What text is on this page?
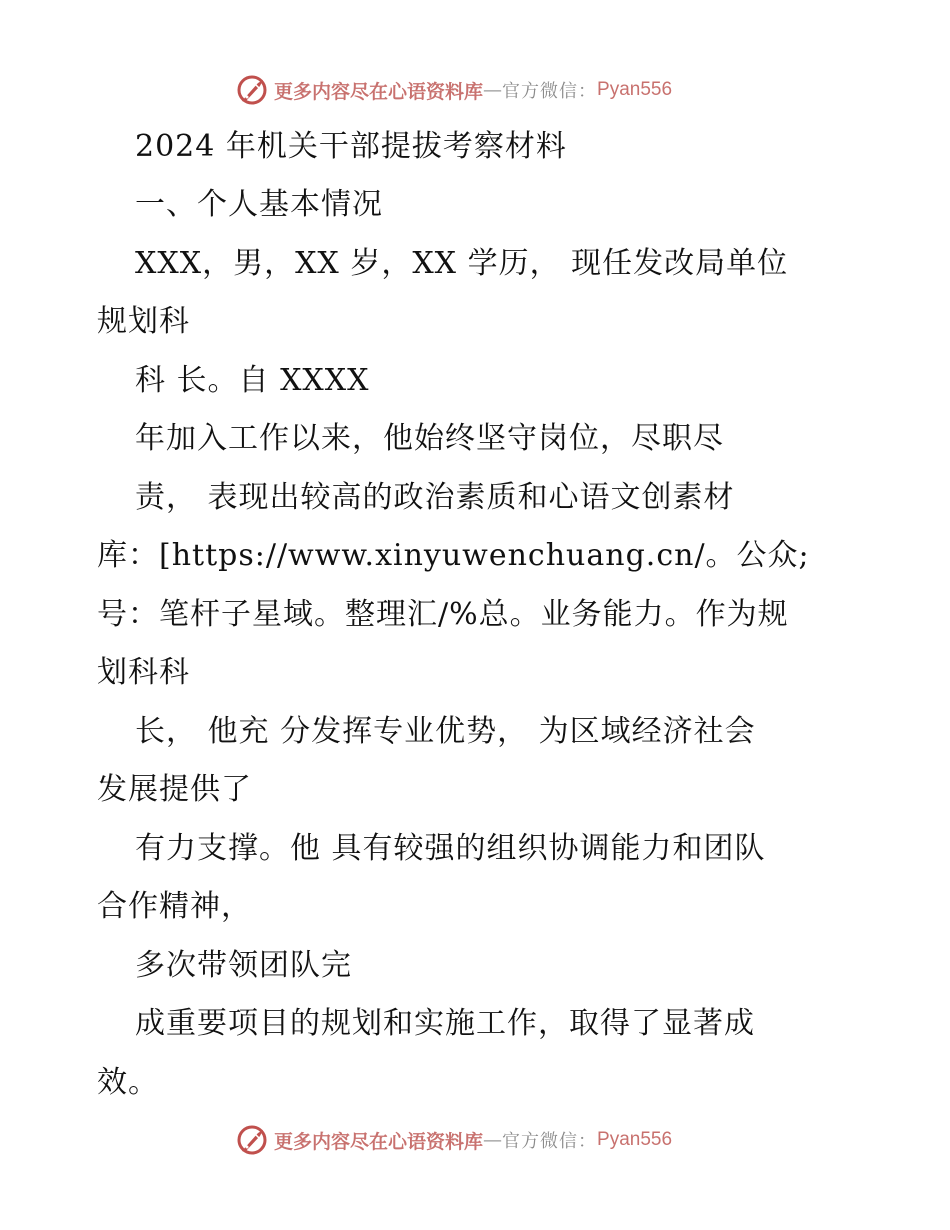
更多内容尽在心语资料库 — 官方微信： Pyan556
2024 年机关干部提拔考察材料
一、个人基本情况
XXX，男，XX 岁，XX 学历， 现任发改局单位
规划科
科 长。自 XXXX
年加入工作以来，他始终坚守岗位，尽职尽
责， 表现出较高的政治素质和心语文创素材
库：[https://www.xinyuwenchuang.cn/。公众;
号：笔杆子星域。整理汇/%总。业务能力。作为规
划科科
长， 他充 分发挥专业优势， 为区域经济社会
发展提供了
有力支撑。他 具有较强的组织协调能力和团队
合作精神，
多次带领团队完
成重要项目的规划和实施工作，取得了显著成
效。
更多内容尽在心语资料库 — 官方微信： Pyan556
